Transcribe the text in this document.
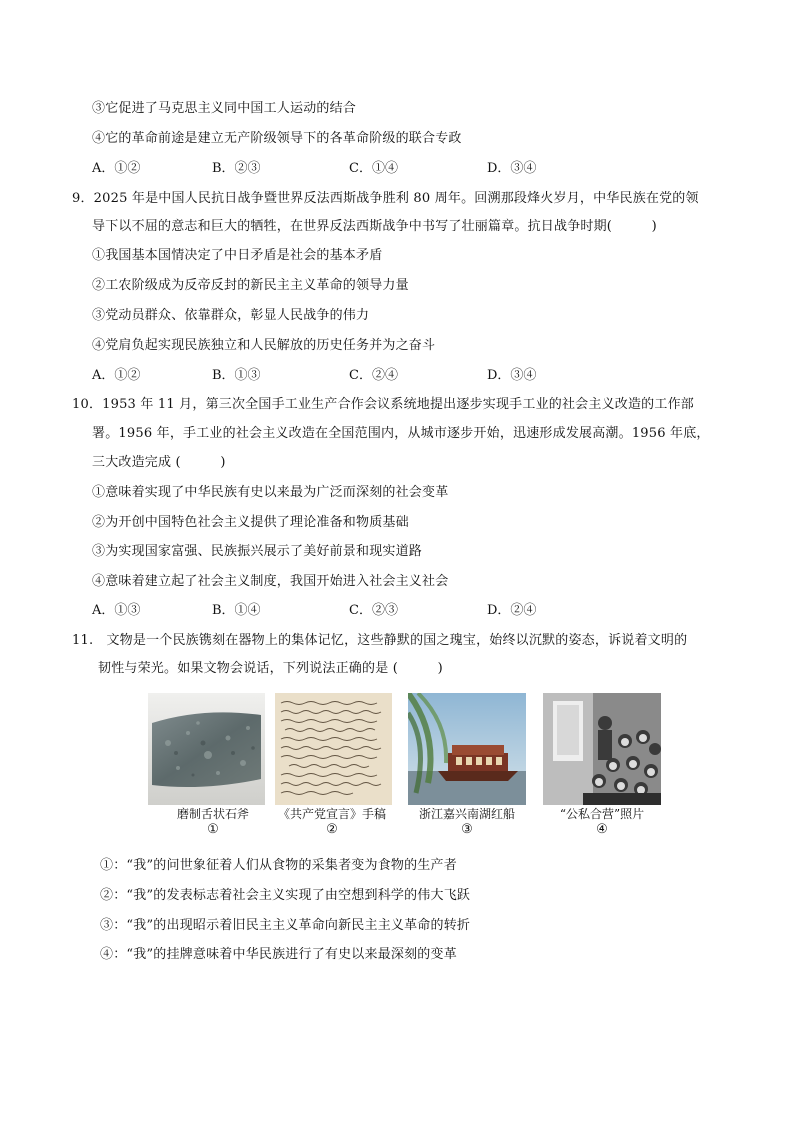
③它促进了马克思主义同中国工人运动的结合
④它的革命前途是建立无产阶级领导下的各革命阶级的联合专政
A．①②	B．②③	C．①④	D．③④
9．2025 年是中国人民抗日战争暨世界反法西斯战争胜利 80 周年。回溯那段烽火岁月，中华民族在党的领
导下以不屈的意志和巨大的牺牲，在世界反法西斯战争中书写了壮丽篇章。抗日战争时期(　　　)
①我国基本国情决定了中日矛盾是社会的基本矛盾
②工农阶级成为反帝反封的新民主主义革命的领导力量
③党动员群众、依靠群众，彰显人民战争的伟力
④党肩负起实现民族独立和人民解放的历史任务并为之奋斗
A．①②	B．①③	C．②④	D．③④
10．1953 年 11 月，第三次全国手工业生产合作会议系统地提出逐步实现手工业的社会主义改造的工作部
署。1956 年，手工业的社会主义改造在全国范围内，从城市逐步开始，迅速形成发展高潮。1956 年底，
三大改造完成 (　　　)
①意味着实现了中华民族有史以来最为广泛而深刻的社会变革
②为开创中国特色社会主义提供了理论准备和物质基础
③为实现国家富强、民族振兴展示了美好前景和现实道路
④意味着建立起了社会主义制度，我国开始进入社会主义社会
A．①③	B．①④	C．②③	D．②④
11.　文物是一个民族镌刻在器物上的集体记忆，这些静默的国之瑰宝，始终以沉默的姿态，诉说着文明的
韧性与荣光。如果文物会说话，下列说法正确的是 (　　　)
磨制舌状石斧
①
《共产党宣言》手稿
②
浙江嘉兴南湖红船
③
“公私合营”照片
④
①：“我”的问世象征着人们从食物的采集者变为食物的生产者
②：“我”的发表标志着社会主义实现了由空想到科学的伟大飞跃
③：“我”的出现昭示着旧民主主义革命向新民主主义革命的转折
④：“我”的挂牌意味着中华民族进行了有史以来最深刻的变革
